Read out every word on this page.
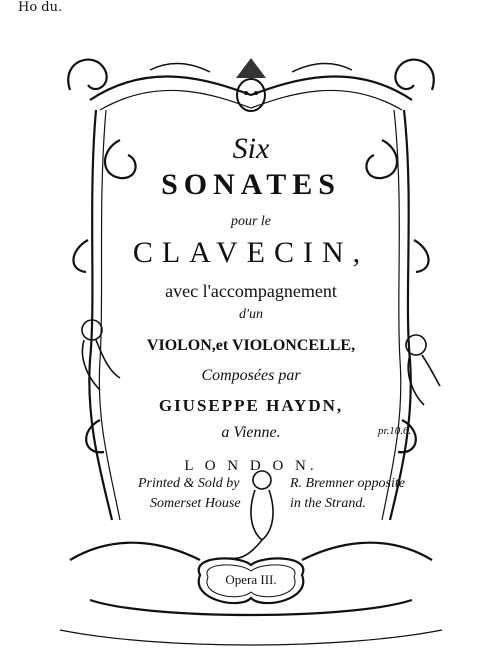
Ho du.
Six
SONATES
pour le
CLAVECIN,
avec l'accompagnement
d'un
VIOLON,et VIOLONCELLE,
Composées par
GIUSEPPE HAYDN,
a Vienne.	pr.10.6.
L O N D O N.
Printed & Sold by	R. Bremner opposite
Somerset House	in the Strand.
Opera III.
